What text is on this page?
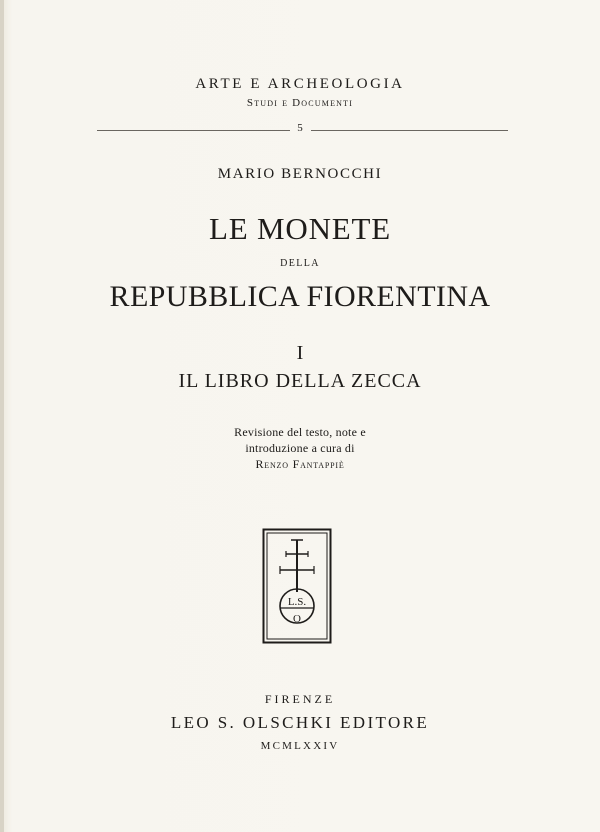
ARTE E ARCHEOLOGIA
Studi e Documenti
5
MARIO BERNOCCHI
LE MONETE
della
REPUBBLICA FIORENTINA
I
IL LIBRO DELLA ZECCA
Revisione del testo, note e
introduzione a cura di
Renzo Fantappiè
L.S.
O
FIRENZE
LEO S. OLSCHKI EDITORE
MCMLXXIV
